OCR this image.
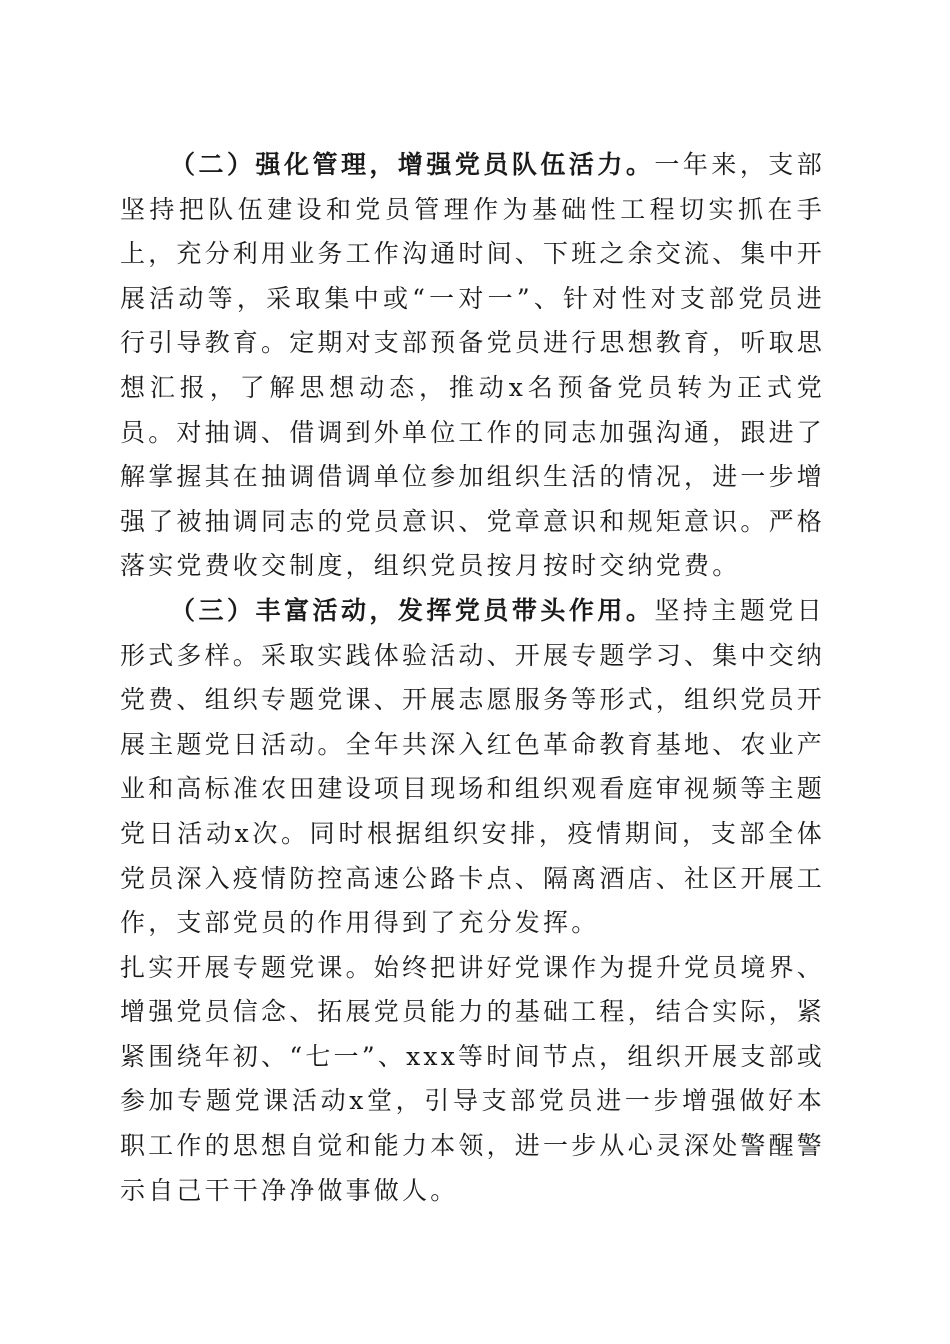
（二）强化管理，增强党员队伍活力。一年来，支部坚持把队伍建设和党员管理作为基础性工程切实抓在手上，充分利用业务工作沟通时间、下班之余交流、集中开展活动等，采取集中或“一对一”、针对性对支部党员进行引导教育。定期对支部预备党员进行思想教育，听取思想汇报，了解思想动态，推动x名预备党员转为正式党员。对抽调、借调到外单位工作的同志加强沟通，跟进了解掌握其在抽调借调单位参加组织生活的情况，进一步增强了被抽调同志的党员意识、党章意识和规矩意识。严格落实党费收交制度，组织党员按月按时交纳党费。

（三）丰富活动，发挥党员带头作用。坚持主题党日形式多样。采取实践体验活动、开展专题学习、集中交纳党费、组织专题党课、开展志愿服务等形式，组织党员开展主题党日活动。全年共深入红色革命教育基地、农业产业和高标准农田建设项目现场和组织观看庭审视频等主题党日活动x次。同时根据组织安排，疫情期间，支部全体党员深入疫情防控高速公路卡点、隔离酒店、社区开展工作，支部党员的作用得到了充分发挥。

扎实开展专题党课。始终把讲好党课作为提升党员境界、增强党员信念、拓展党员能力的基础工程，结合实际，紧紧围绕年初、“七一”、xxx等时间节点，组织开展支部或参加专题党课活动x堂，引导支部党员进一步增强做好本职工作的思想自觉和能力本领，进一步从心灵深处警醒警示自己干干净净做事做人。
